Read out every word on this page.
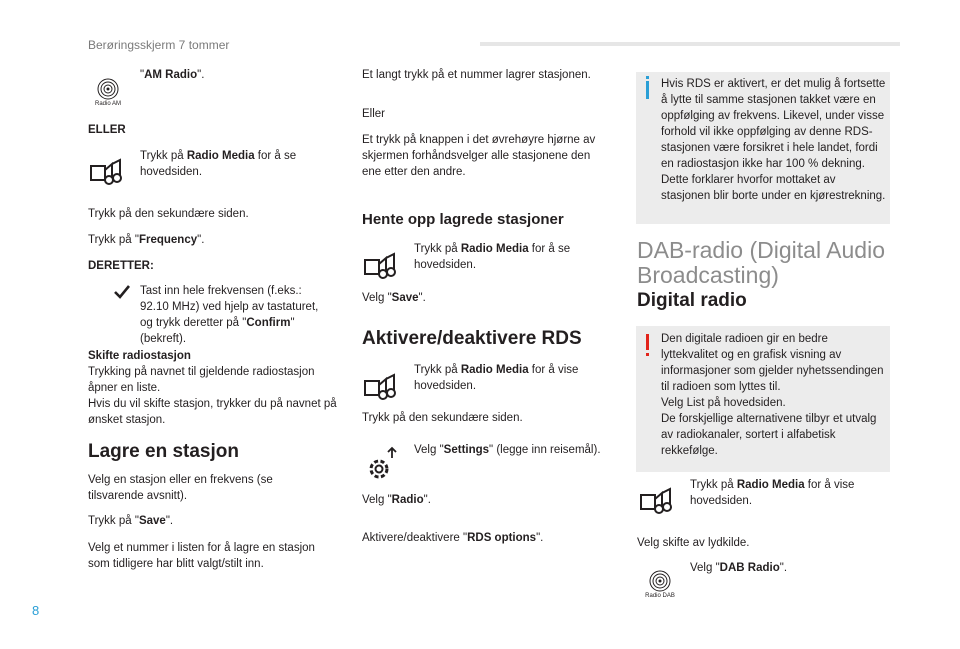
Berøringsskjerm 7 tommer
Radio AM

"AM Radio".

ELLER

Trykk på Radio Media for å se hovedsiden.

Trykk på den sekundære siden.

Trykk på "Frequency".

DERETTER:

Tast inn hele frekvensen (f.eks.: 92.10 MHz) ved hjelp av tastaturet, og trykk deretter på "Confirm" (bekreft).

Skifte radiostasjon

Trykking på navnet til gjeldende radiostasjon åpner en liste.

Hvis du vil skifte stasjon, trykker du på navnet på ønsket stasjon.

Lagre en stasjon

Velg en stasjon eller en frekvens (se tilsvarende avsnitt).

Trykk på "Save".

Velg et nummer i listen for å lagre en stasjon som tidligere har blitt valgt/stilt inn.

Et langt trykk på et nummer lagrer stasjonen.

Eller

Et trykk på knappen i det øvrehøyre hjørne av skjermen forhåndsvelger alle stasjonene den ene etter den andre.

Hente opp lagrede stasjoner

Trykk på Radio Media for å se hovedsiden.

Velg "Save".

Aktivere/deaktivere RDS

Trykk på Radio Media for å vise hovedsiden.

Trykk på den sekundære siden.

Velg "Settings" (legge inn reisemål).

Velg "Radio".

Aktivere/deaktivere "RDS options".

Hvis RDS er aktivert, er det mulig å fortsette å lytte til samme stasjonen takket være en oppfølging av frekvens. Likevel, under visse forhold vil ikke oppfølging av denne RDS-stasjonen være forsikret i hele landet, fordi en radiostasjon ikke har 100 % dekning. Dette forklarer hvorfor mottaket av stasjonen blir borte under en kjørestrekning.

DAB-radio (Digital Audio Broadcasting)
Digital radio

Den digitale radioen gir en bedre lyttekvalitet og en grafisk visning av informasjoner som gjelder nyhetssendingen til radioen som lyttes til.

Velg List på hovedsiden.

De forskjellige alternativene tilbyr et utvalg av radiokanaler, sortert i alfabetisk rekkefølge.

Trykk på Radio Media for å vise hovedsiden.

Velg skifte av lydkilde.

Radio DAB

Velg "DAB Radio".

8
